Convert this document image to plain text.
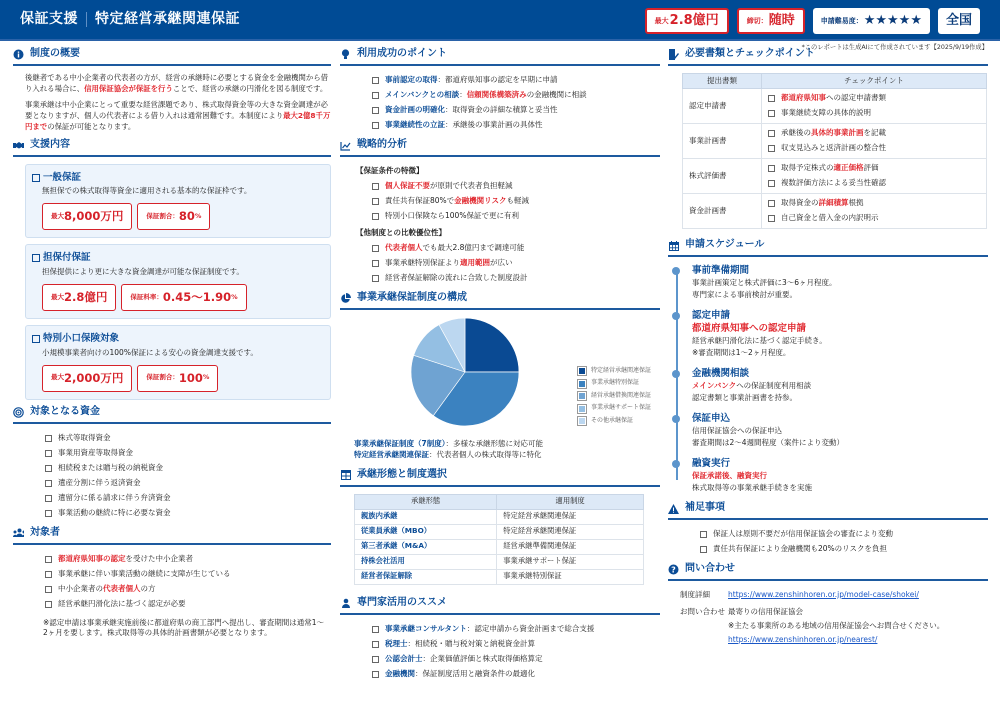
保証支援 特定経営承継関連保証	最大 2.8億円	締切： 随時	申請難易度： ★★★★★ 全国
制度の概要

後継者である中小企業者の代表者の方が、経営の承継時に必要とする資金を金融機関から借り入れる場合に、信用保証協会が保証を行うことで、経営の承継の円滑化を図る制度です。

事業承継は中小企業にとって重要な経営課題であり、株式取得資金等の大きな資金調達が必要となりますが、個人の代表者による借り入れは通常困難です。本制度により最大2億8千万円までの保証が可能となります。

支援内容
一般保証
無担保での株式取得等資金に適用される基本的な保証枠です。
最大 8,000万円	保証割合： 80 %
担保付保証
担保提供により更に大きな資金調達が可能な保証制度です。
最大 2.8億円	保証料率： 0.45〜1.90 %
特別小口保険対象
小規模事業者向けの100%保証による安心の資金調達支援です。
最大 2,000万円	保証割合： 100 %
対象となる資金
株式等取得資金
事業用資産等取得資金
相続税または贈与税の納税資金
遺産分割に伴う返済資金
遺留分に係る請求に伴う弁済資金
事業活動の継続に特に必要な資金
対象者
都道府県知事の認定 を受けた中小企業者
事業承継に伴い事業活動の継続に支障が生じている
中小企業者の 代表者個人 の方
経営承継円滑化法に基づく認定が必要

※認定申請は事業承継実施前後に都道府県の商工部門へ提出し、審査期間は通常1〜2ヶ月を要します。株式取得等の具体的計画書類が必要となります。

利用成功のポイント
事前認定の取得 ：都道府県知事の認定を早期に申請
メインバンクとの相談 ： 信頼関係構築済み の金融機関に相談
資金計画の明確化 ：取得資金の詳細な積算と妥当性
事業継続性の立証 ：承継後の事業計画の具体性
戦略的分析
【保証条件の特徴】
個人保証不要 が原則で代表者負担軽減
責任共有保証80%で 金融機関リスク も軽減
特別小口保険なら100%保証で更に有利
【他制度との比較優位性】
代表者個人 でも最大2.8億円まで調達可能
事業承継特別保証より 適用範囲 が広い
経営者保証解除の流れに合致した制度設計
事業承継保証制度の構成
特定経営承継関連保証
事業承継特別保証
経営承継借換関連保証
事業承継サポート保証
その他承継保証
事業承継保証制度（7制度）：多様な承継形態に対応可能
特定経営承継関連保証：代表者個人の株式取得等に特化
承継形態と制度選択
承継形態	適用制度
親族内承継	特定経営承継関連保証
従業員承継（MBO）	特定経営承継関連保証
第三者承継（M&A）	経営承継準備関連保証
持株会社活用	事業承継サポート保証
経営者保証解除	事業承継特別保証
専門家活用のススメ
事業承継コンサルタント ：認定申請から資金計画まで総合支援
税理士 ：相続税・贈与税対策と納税資金計算
公認会計士 ：企業価値評価と株式取得価格算定
金融機関 ：保証制度活用と融資条件の最適化
*このレポートは生成AIにて作成されています【2025/9/19作成】
必要書類とチェックポイント
提出書類	チェックポイント
認定申請書	都道府県知事 への認定申請書類
事業継続支障の具体的説明

事業計画書	承継後の 具体的事業計画 を記載
収支見込みと返済計画の整合性

株式評価書	取得予定株式の 適正価格 評価
複数評価方法による妥当性確認

資金計画書	取得資金の 詳細積算 根拠
自己資金と借入金の内訳明示
申請スケジュール
事前準備期間
事業計画策定と株式評価に3〜6ヶ月程度。
専門家による事前検討が重要。
認定申請
都道府県知事への認定申請
経営承継円滑化法に基づく認定手続き。
※審査期間は1〜2ヶ月程度。
金融機関相談
メインバンクへの保証制度利用相談
認定書類と事業計画書を持参。
保証申込
信用保証協会への保証申込
審査期間は2〜4週間程度（案件により変動）
融資実行
保証承諾後、融資実行
株式取得等の事業承継手続きを実施
補足事項
保証人は原則不要だが信用保証協会の審査により変動
責任共有保証により金融機関も20%のリスクを負担
? 問い合わせ
制度詳細	https://www.zenshinhoren.or.jp/model-case/shokei/
お問い合わせ 最寄りの信用保証協会
※主たる事業所のある地域の信用保証協会へお問合せください。
https://www.zenshinhoren.or.jp/nearest/
